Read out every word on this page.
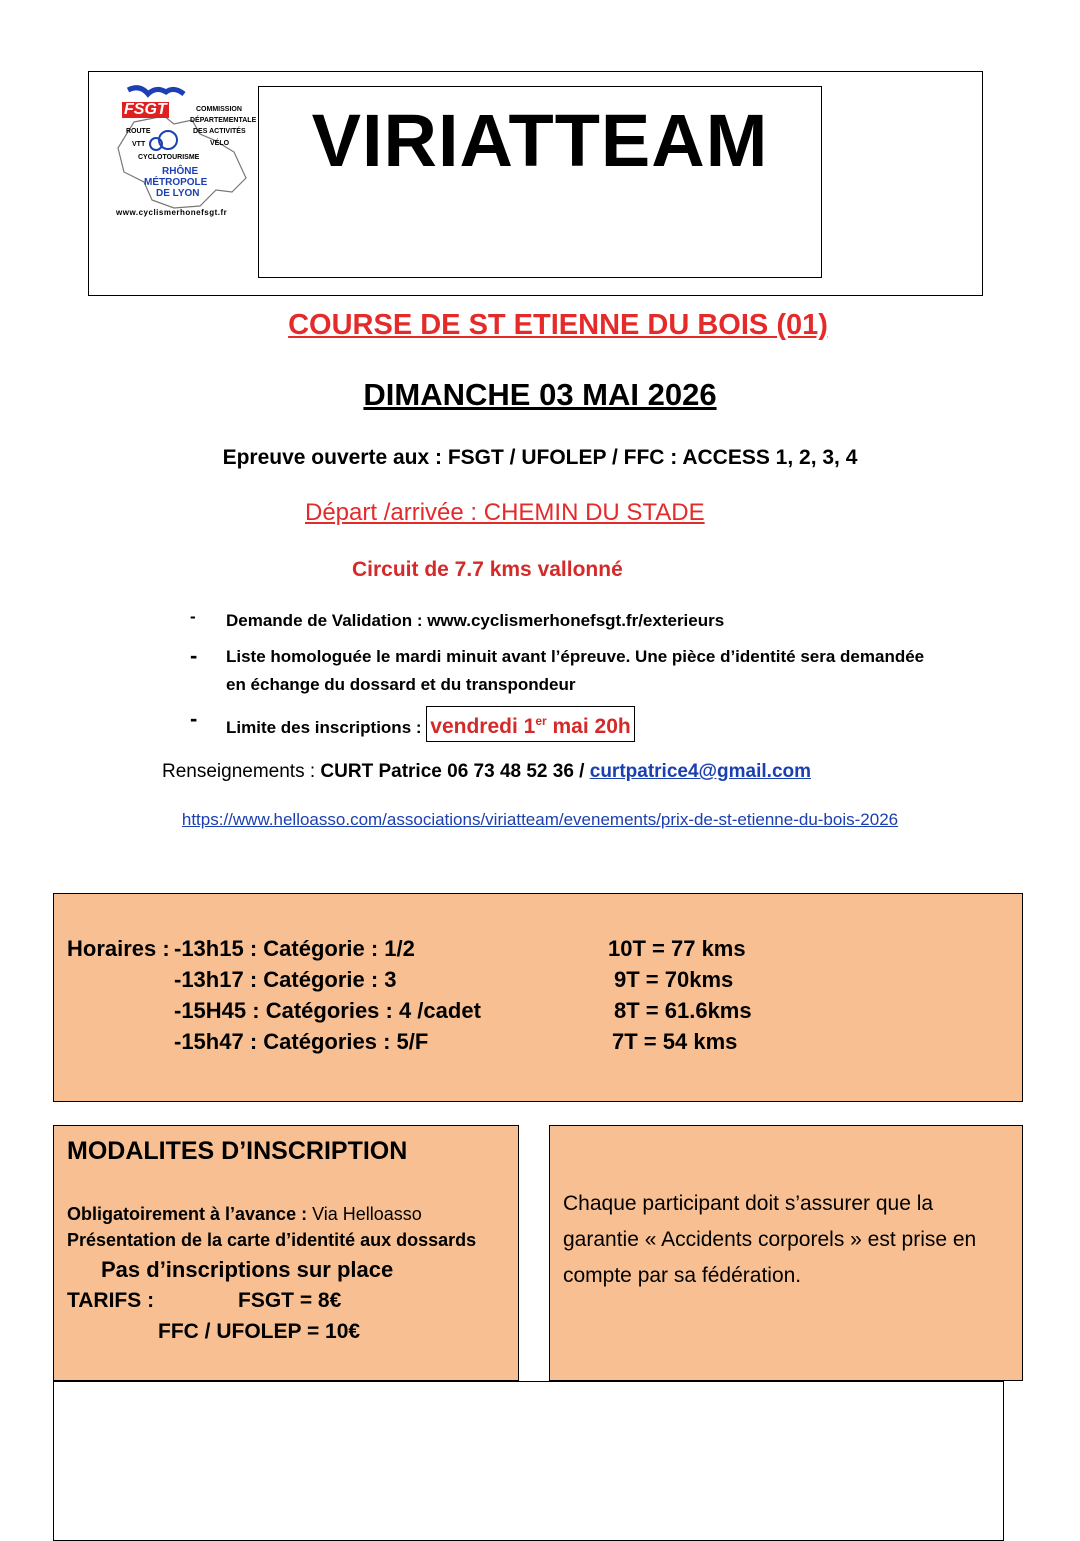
FSGT	COMMISSION
DÉPARTEMENTALE
DES ACTIVITÉS
VÉLO
ROUTE
VTT
CYCLOTOURISME
RHÔNE
MÉTROPOLE
DE LYON
www.cyclismerhonefsgt.fr
VIRIATTEAM
COURSE DE ST ETIENNE DU BOIS (01)
DIMANCHE 03 MAI 2026
Epreuve ouverte aux : FSGT / UFOLEP / FFC : ACCESS 1, 2, 3, 4
Départ /arrivée : CHEMIN DU STADE
Circuit de 7.7 kms vallonné
- Demande de Validation : www.cyclismerhonefsgt.fr/exterieurs
- Liste homologuée le mardi minuit avant l’épreuve. Une pièce d’identité sera demandée
en échange du dossard et du transpondeur
- Limite des inscriptions : vendredi 1er mai 20h
Renseignements : CURT Patrice 06 73 48 52 36 / curtpatrice4@gmail.com
https://www.helloasso.com/associations/viriatteam/evenements/prix-de-st-etienne-du-bois-2026
Horaires : -13h15 : Catégorie : 1/2
-13h17 : Catégorie : 3
-15H45 : Catégories : 4 /cadet
-15h47 : Catégories : 5/F
10T = 77 kms
9T = 70kms
8T = 61.6kms
7T = 54 kms
MODALITES D’INSCRIPTION
Obligatoirement à l’avance : Via Helloasso
Présentation de la carte d’identité aux dossards
Pas d’inscriptions sur place
TARIFS :	FSGT = 8€
FFC / UFOLEP = 10€
Chaque participant doit s’assurer que la garantie « Accidents corporels » est prise en compte par sa fédération.
